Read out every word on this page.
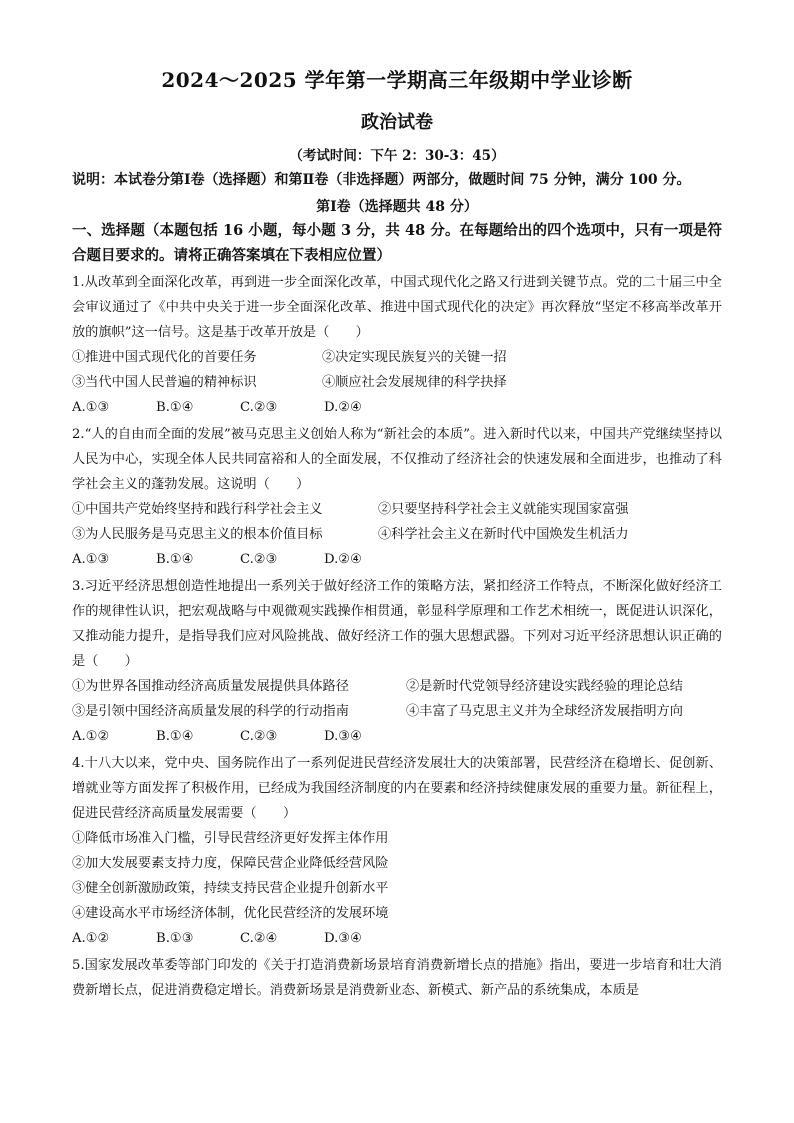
2024～2025 学年第一学期高三年级期中学业诊断
政治试卷
（考试时间：下午 2：30-3：45）
说明：本试卷分第Ⅰ卷（选择题）和第Ⅱ卷（非选择题）两部分，做题时间 75 分钟，满分 100 分。
第Ⅰ卷（选择题共 48 分）
一、选择题（本题包括 16 小题，每小题 3 分，共 48 分。在每题给出的四个选项中，只有一项是符合题目要求的。请将正确答案填在下表相应位置）
1.从改革到全面深化改革，再到进一步全面深化改革，中国式现代化之路又行进到关键节点。党的二十届三中全会审议通过了《中共中央关于进一步全面深化改革、推进中国式现代化的决定》再次释放“坚定不移高举改革开放的旗帜”这一信号。这是基于改革开放是（　　）
①推进中国式现代化的首要任务	②决定实现民族复兴的关键一招
③当代中国人民普遍的精神标识	④顺应社会发展规律的科学抉择
A.①③	B.①④	C.②③	D.②④
2.“人的自由而全面的发展”被马克思主义创始人称为“新社会的本质”。进入新时代以来，中国共产党继续坚持以人民为中心，实现全体人民共同富裕和人的全面发展，不仅推动了经济社会的快速发展和全面进步，也推动了科学社会主义的蓬勃发展。这说明（　　）
①中国共产党始终坚持和践行科学社会主义	②只要坚持科学社会主义就能实现国家富强
③为人民服务是马克思主义的根本价值目标	④科学社会主义在新时代中国焕发生机活力
A.①③	B.①④	C.②③	D.②④
3.习近平经济思想创造性地提出一系列关于做好经济工作的策略方法，紧扣经济工作特点，不断深化做好经济工作的规律性认识，把宏观战略与中观微观实践操作相贯通，彰显科学原理和工作艺术相统一，既促进认识深化，又推动能力提升，是指导我们应对风险挑战、做好经济工作的强大思想武器。下列对习近平经济思想认识正确的是（　　）
①为世界各国推动经济高质量发展提供具体路径	②是新时代党领导经济建设实践经验的理论总结
③是引领中国经济高质量发展的科学的行动指南	④丰富了马克思主义并为全球经济发展指明方向
A.①②	B.①④	C.②③	D.③④
4.十八大以来，党中央、国务院作出了一系列促进民营经济发展壮大的决策部署，民营经济在稳增长、促创新、增就业等方面发挥了积极作用，已经成为我国经济制度的内在要素和经济持续健康发展的重要力量。新征程上，促进民营经济高质量发展需要（　　）
①降低市场准入门槛，引导民营经济更好发挥主体作用
②加大发展要素支持力度，保障民营企业降低经营风险
③健全创新激励政策，持续支持民营企业提升创新水平
④建设高水平市场经济体制，优化民营经济的发展环境
A.①②	B.①③	C.②④	D.③④
5.国家发展改革委等部门印发的《关于打造消费新场景培育消费新增长点的措施》指出，要进一步培育和壮大消费新增长点，促进消费稳定增长。消费新场景是消费新业态、新模式、新产品的系统集成，本质是
